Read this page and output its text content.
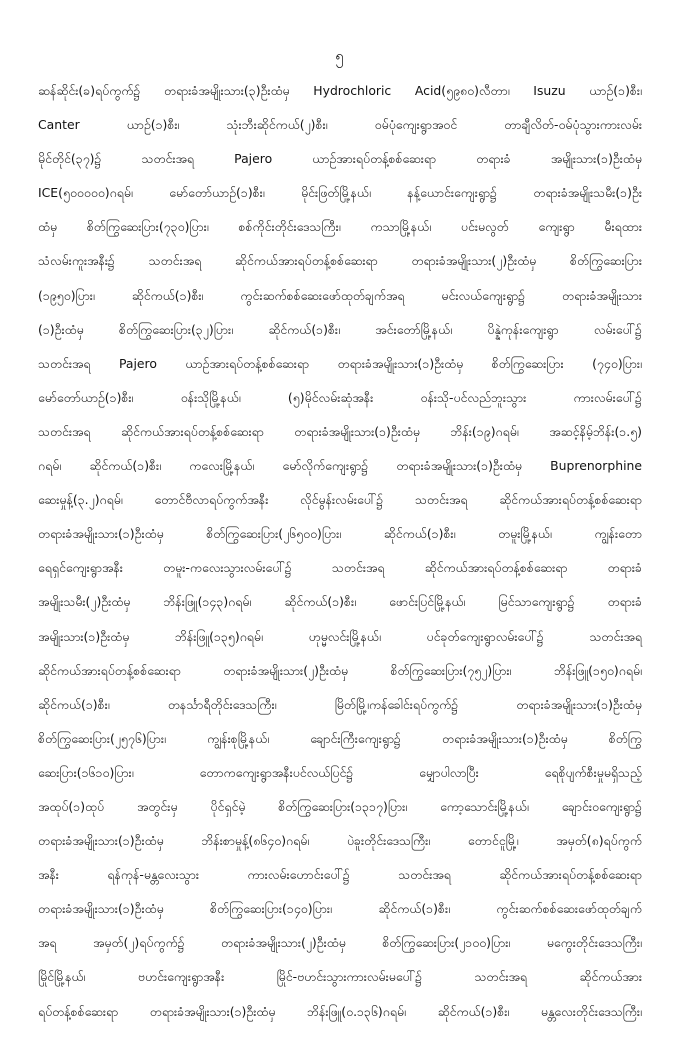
၅
ဆန်ဆိုင်း(ခ)ရပ်ကွက်၌ တရားခံအမျိုးသား(၃)ဦးထံမှ Hydrochloric Acid(၅၉၈၀)လီတာ၊ Isuzu ယာဉ်(၁)စီး၊
Canter ယာဉ်(၁)စီး၊ သုံးဘီးဆိုင်ကယ်(၂)စီး၊ ဝမ်ပုံကျေးရွာအဝင် တာချီလိတ်-ဝမ်ပုံသွားကားလမ်း
မိုင်တိုင်(၃၇)၌ သတင်းအရ Pajero ယာဉ်အားရပ်တန့်စစ်ဆေးရာ တရားခံ အမျိုးသား(၁)ဦးထံမှ
ICE(၅၀၀၀၀၀)ဂရမ်၊ မော်တော်ယာဉ်(၁)စီး၊ မိုင်းဖြတ်မြို့နယ်၊ နန့်ယောင်းကျေးရွာ၌ တရားခံအမျိုးသမီး(၁)ဦး
ထံမှ စိတ်ကြွဆေးပြား(၇၃၀)ပြား၊ စစ်ကိုင်းတိုင်းဒေသကြီး၊ ကသာမြို့နယ်၊ ပင်းမလွတ် ကျေးရွာ မီးရထား
သံလမ်းကူးအနီး၌ သတင်းအရ ဆိုင်ကယ်အားရပ်တန့်စစ်ဆေးရာ တရားခံအမျိုးသား(၂)ဦးထံမှ စိတ်ကြွဆေးပြား
(၁၉၅၀)ပြား၊ ဆိုင်ကယ်(၁)စီး၊ ကွင်းဆက်စစ်ဆေးဖော်ထုတ်ချက်အရ မင်းလယ်ကျေးရွာ၌ တရားခံအမျိုးသား
(၁)ဦးထံမှ စိတ်ကြွဆေးပြား(၃၂)ပြား၊ ဆိုင်ကယ်(၁)စီး၊ အင်းတော်မြို့နယ်၊ ပိန္နဲကုန်းကျေးရွာ လမ်းပေါ်၌
သတင်းအရ Pajero ယာဉ်အားရပ်တန့်စစ်ဆေးရာ တရားခံအမျိုးသား(၁)ဦးထံမှ စိတ်ကြွဆေးပြား (၇၄၀)ပြား၊
မော်တော်ယာဉ်(၁)စီး၊ ဝန်းသိုမြို့နယ်၊ (၅)မိုင်လမ်းဆုံအနီး ဝန်းသို-ပင်လည်ဘူးသွား ကားလမ်းပေါ်၌
သတင်းအရ ဆိုင်ကယ်အားရပ်တန့်စစ်ဆေးရာ တရားခံအမျိုးသား(၁)ဦးထံမှ ဘိန်း(၁၉)ဂရမ်၊ အဆင့်နိမ့်ဘိန်း(၁.၅)
ဂရမ်၊ ဆိုင်ကယ်(၁)စီး၊ ကလေးမြို့နယ်၊ မော်လိုက်ကျေးရွာ၌ တရားခံအမျိုးသား(၁)ဦးထံမှ Buprenorphine
ဆေးမှုန့်(၃.၂)ဂရမ်၊ တောင်ဗီလာရပ်ကွက်အနီး လိုင်မွန်းလမ်းပေါ်၌ သတင်းအရ ဆိုင်ကယ်အားရပ်တန့်စစ်ဆေးရာ
တရားခံအမျိုးသား(၁)ဦးထံမှ စိတ်ကြွဆေးပြား(၂၆၅၀၀)ပြား၊ ဆိုင်ကယ်(၁)စီး၊ တမူးမြို့နယ်၊ ကျွန်းတော
ရေရှင်ကျေးရွာအနီး တမူး-ကလေးသွားလမ်းပေါ်၌ သတင်းအရ ဆိုင်ကယ်အားရပ်တန့်စစ်ဆေးရာ တရားခံ
အမျိုးသမီး(၂)ဦးထံမှ ဘိန်းဖြူ(၁၄၃)ဂရမ်၊ ဆိုင်ကယ်(၁)စီး၊ ဖောင်းပြင်မြို့နယ်၊ မြင်သာကျေးရွာ၌ တရားခံ
အမျိုးသား(၁)ဦးထံမှ ဘိန်းဖြူ(၁၃၅)ဂရမ်၊ ဟုမ္မလင်းမြို့နယ်၊ ပင်ခုတ်ကျေးရွာလမ်းပေါ်၌ သတင်းအရ
ဆိုင်ကယ်အားရပ်တန့်စစ်ဆေးရာ တရားခံအမျိုးသား(၂)ဦးထံမှ စိတ်ကြွဆေးပြား(၇၅၂)ပြား၊ ဘိန်းဖြူ(၁၅၀)ဂရမ်၊
ဆိုင်ကယ်(၁)စီး၊ တနင်္သာရီတိုင်းဒေသကြီး၊ မြိတ်မြို့၊ကန်ခေါင်းရပ်ကွက်၌ တရားခံအမျိုးသား(၁)ဦးထံမှ
စိတ်ကြွဆေးပြား(၂၅၇၆)ပြား၊ ကျွန်းစုမြို့နယ်၊ ချောင်းကြီးကျေးရွာ၌ တရားခံအမျိုးသား(၁)ဦးထံမှ စိတ်ကြွ
ဆေးပြား(၁၆၁၀)ပြား၊ တောကကျေးရွာအနီးပင်လယ်ပြင်၌ မျှောပါလာပြီး ရေစိုပျက်စီးမှုမရှိသည့်
အထုပ်(၁)ထုပ် အတွင်းမှ ပိုင်ရှင်မဲ့ စိတ်ကြွဆေးပြား(၁၃၁၇)ပြား၊ ကော့သောင်းမြို့နယ်၊ ချောင်းဝကျေးရွာ၌
တရားခံအမျိုးသား(၁)ဦးထံမှ ဘိန်းစာမှုန့်(၈၆၄၀)ဂရမ်၊ ပဲခူးတိုင်းဒေသကြီး၊ တောင်ငူမြို့၊ အမှတ်(၈)ရပ်ကွက်
အနီး ရန်ကုန်-မန္တလေးသွား ကားလမ်းဟောင်းပေါ်၌ သတင်းအရ ဆိုင်ကယ်အားရပ်တန့်စစ်ဆေးရာ
တရားခံအမျိုးသား(၁)ဦးထံမှ စိတ်ကြွဆေးပြား(၁၄၀)ပြား၊ ဆိုင်ကယ်(၁)စီး၊ ကွင်းဆက်စစ်ဆေးဖော်ထုတ်ချက်
အရ အမှတ်(၂)ရပ်ကွက်၌ တရားခံအမျိုးသား(၂)ဦးထံမှ စိတ်ကြွဆေးပြား(၂၁၀၀)ပြား၊ မကွေးတိုင်းဒေသကြီး၊
မြိုင်မြို့နယ်၊ ဗဟင်းကျေးရွာအနီး မြိုင်-ဗဟင်းသွားကားလမ်းမပေါ်၌ သတင်းအရ ဆိုင်ကယ်အား
ရပ်တန့်စစ်ဆေးရာ တရားခံအမျိုးသား(၁)ဦးထံမှ ဘိန်းဖြူ(၀.၁၃၆)ဂရမ်၊ ဆိုင်ကယ်(၁)စီး၊ မန္တလေးတိုင်းဒေသကြီး၊
